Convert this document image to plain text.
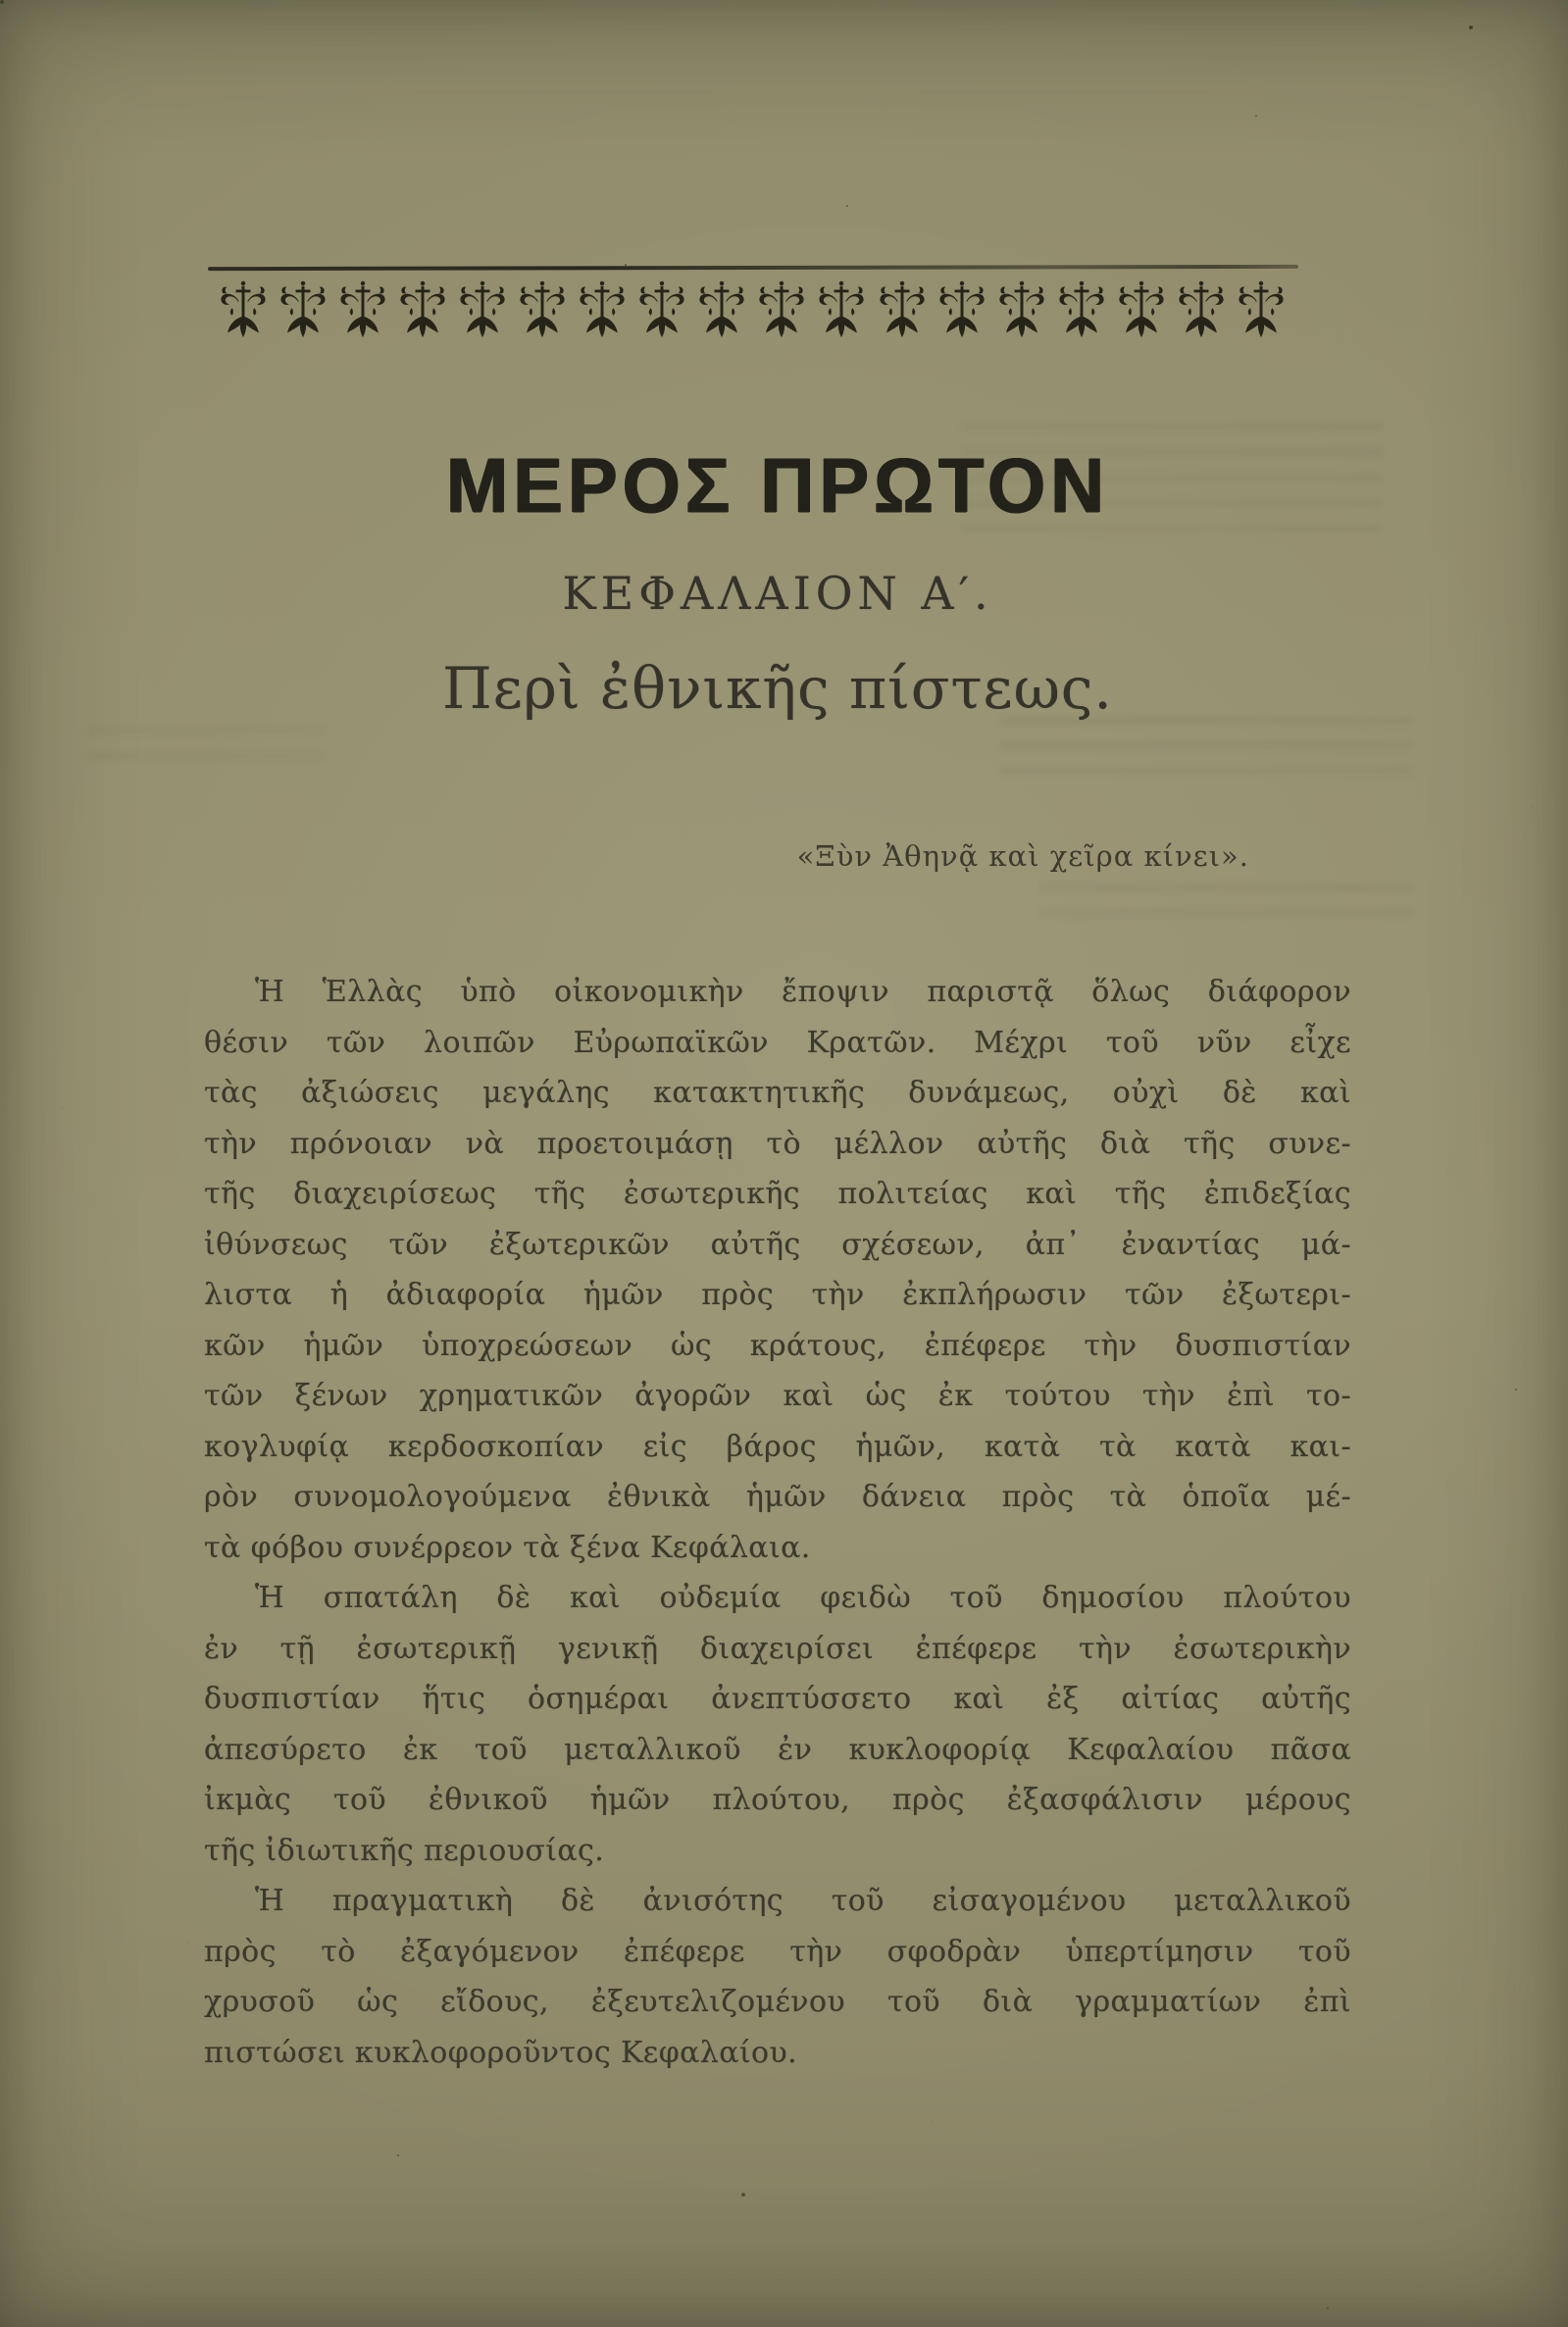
ΜΕΡΟΣ ΠΡΩΤΟΝ
ΚΕΦΑΛΑΙΟΝ Α′.
Περὶ ἐθνικῆς πίστεως.
«Ξὺν Ἀθηνᾷ καὶ χεῖρα κίνει».
Ἡ Ἑλλὰς ὑπὸ οἰκονομικὴν ἔποψιν παριστᾷ ὅλως διάφορον
θέσιν τῶν λοιπῶν Εὐρωπαϊκῶν Κρατῶν. Μέχρι τοῦ νῦν εἶχε
τὰς ἀξιώσεις μεγάλης κατακτητικῆς δυνάμεως, οὐχὶ δὲ καὶ
τὴν πρόνοιαν νὰ προετοιμάσῃ τὸ μέλλον αὐτῆς διὰ τῆς συνε-
τῆς διαχειρίσεως τῆς ἐσωτερικῆς πολιτείας καὶ τῆς ἐπιδεξίας
ἰθύνσεως τῶν ἐξωτερικῶν αὐτῆς σχέσεων, ἀπ᾽ ἐναντίας μά-
λιστα ἡ ἀδιαφορία ἡμῶν πρὸς τὴν ἐκπλήρωσιν τῶν ἐξωτερι-
κῶν ἡμῶν ὑποχρεώσεων ὡς κράτους, ἐπέφερε τὴν δυσπιστίαν
τῶν ξένων χρηματικῶν ἀγορῶν καὶ ὡς ἐκ τούτου τὴν ἐπὶ το-
κογλυφίᾳ κερδοσκοπίαν εἰς βάρος ἡμῶν, κατὰ τὰ κατὰ και-
ρὸν συνομολογούμενα ἐθνικὰ ἡμῶν δάνεια πρὸς τὰ ὁποῖα μέ-
τὰ φόβου συνέρρεον τὰ ξένα Κεφάλαια.
Ἡ σπατάλη δὲ καὶ οὐδεμία φειδὼ τοῦ δημοσίου πλούτου
ἐν τῇ ἐσωτερικῇ γενικῇ διαχειρίσει ἐπέφερε τὴν ἐσωτερικὴν
δυσπιστίαν ἥτις ὁσημέραι ἀνεπτύσσετο καὶ ἐξ αἰτίας αὐτῆς
ἀπεσύρετο ἐκ τοῦ μεταλλικοῦ ἐν κυκλοφορίᾳ Κεφαλαίου πᾶσα
ἰκμὰς τοῦ ἐθνικοῦ ἡμῶν πλούτου, πρὸς ἐξασφάλισιν μέρους
τῆς ἰδιωτικῆς περιουσίας.
Ἡ πραγματικὴ δὲ ἀνισότης τοῦ εἰσαγομένου μεταλλικοῦ
πρὸς τὸ ἐξαγόμενον ἐπέφερε τὴν σφοδρὰν ὑπερτίμησιν τοῦ
χρυσοῦ ὡς εἴδους, ἐξευτελιζομένου τοῦ διὰ γραμματίων ἐπὶ
πιστώσει κυκλοφοροῦντος Κεφαλαίου.
